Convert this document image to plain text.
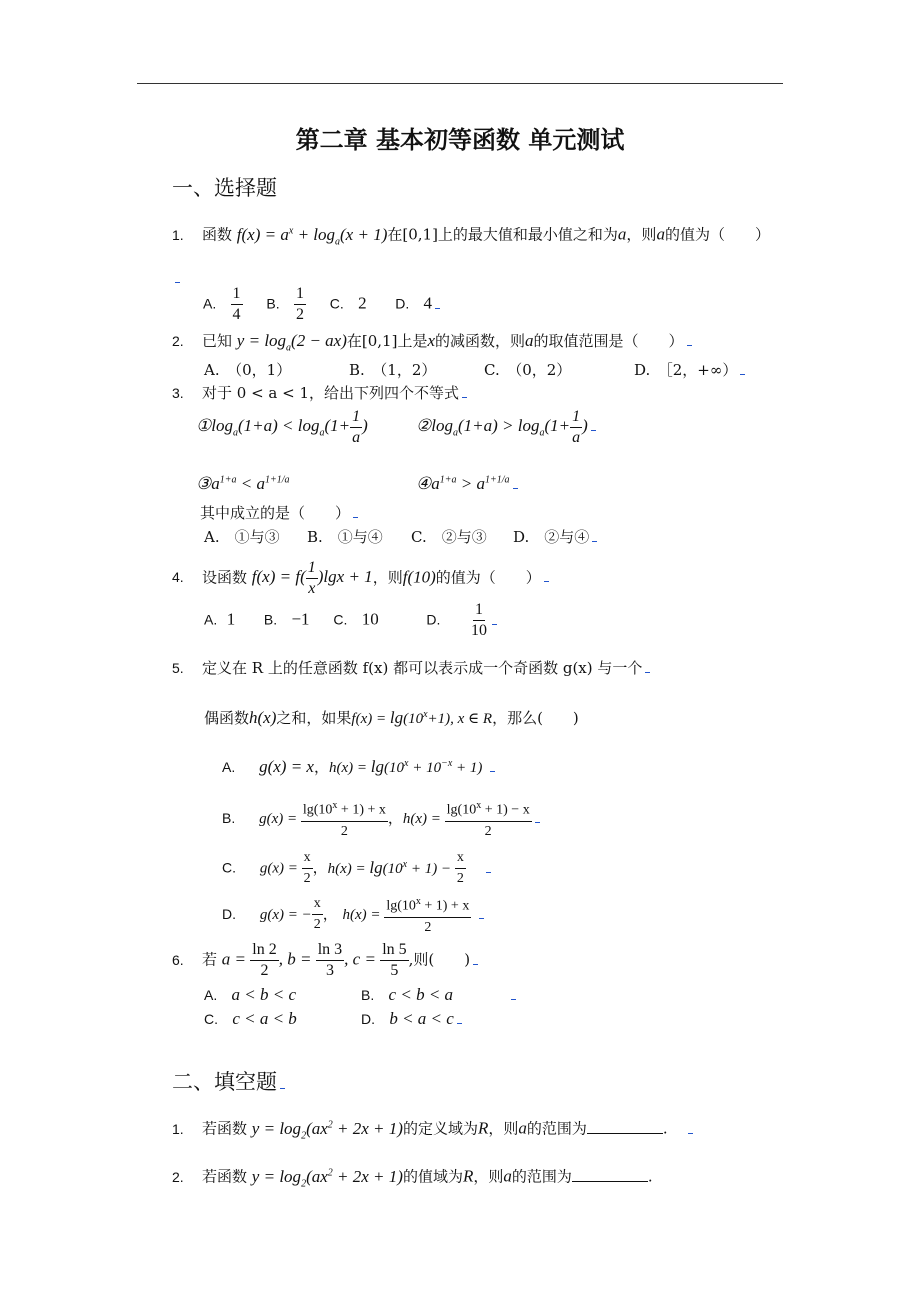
第二章 基本初等函数 单元测试
一、选择题
1. 函数 $f(x) = a^x + \log_a(x + 1)$在[0,1]上的最大值和最小值之和为a，则a的值为（　　）
A. $\frac{1}{4} B$. $\frac{1}{2} C$. 2 D. 4
2. 已知 $y = \log_a(2 - ax)$在[0,1]上是x的减函数，则a的取值范围是（　　）
A.　（0，1）	B.　（1，2）	C.　（0，2）	D.　［2，+∞）
3. 对于 0 < a < 1，给出下列四个不等式
$①\log_a(1+a) < \log_a(1+ \frac{1}{a}$ )	$②\log_a(1+a) > \log_a(1+ \frac{1}{a}$ )
$③a^{1+a} < a^{1+1/a}$	$④a^{1+a} > a^{1+1/a}$
其中成立的是（　　）
A.　①与③ B.　①与④ C.　②与③ D.　②与④
4. 设函数 $f(x) = f( \frac{1}{x} )\lg x + 1$，则f(10)的值为（　　）
A. 1 B. −1 C. 10	D. $\frac{1}{10}$
5. 定义在 R 上的任意函数 f(x) 都可以表示成一个奇函数 g(x) 与一个
偶函数h(x)之和，如果$f(x) = \lg(10^x+1)$, x ∈ R，那么(　　)
A. g(x) = x，$h(x) = \lg(10^x + 10^{-x} + 1)$
B. $g(x) = \frac{\lg(10^x + 1) + x}{2}$ ，$h(x) = \frac{\lg(10^x + 1) - x}{2}$
C. $g(x) = \frac{x}{2}$ ，$h(x) = \lg(10^x + 1) - \frac{x}{2}$
D. g(x) = − $\frac{x}{2}$ ， $h(x) = \frac{\lg(10^x + 1) + x}{2}$
6. 若 $a = \frac{\ln 2}{2}$ , $b = \frac{\ln 3}{3}$ , $c = \frac{\ln 5}{5}$ ,则(　　)
A. a < b < c	B. c < b < a
C. c < a < b	D. b < a < c
二、填空题
1. 若函数 $y = \log_2(ax^2 + 2x + 1)$的定义域为R，则a的范围为	.
2. 若函数 $y = \log_2(ax^2 + 2x + 1)$的值域为R，则a的范围为	.
